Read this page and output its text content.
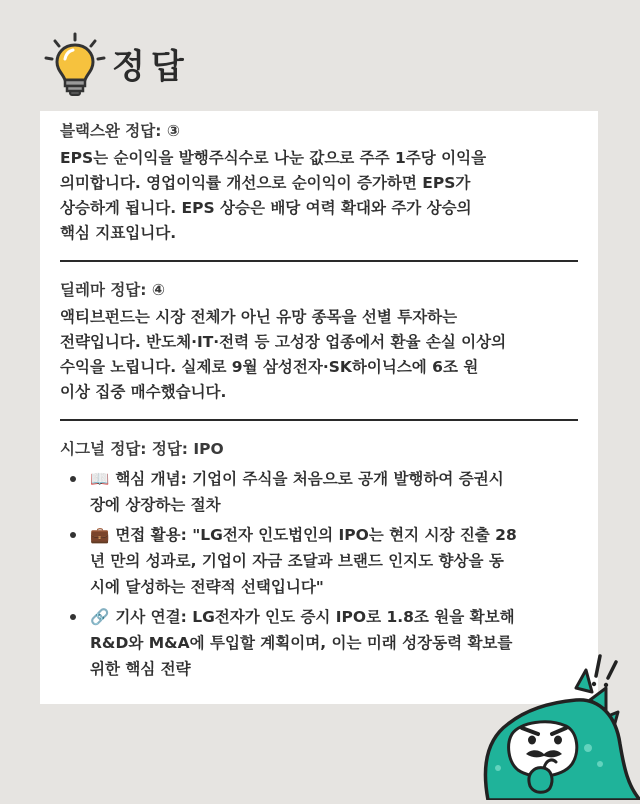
정답
블랙스완 정답: ③
EPS는 순이익을 발행주식수로 나눈 값으로 주주 1주당 이익을
의미합니다. 영업이익률 개선으로 순이익이 증가하면 EPS가
상승하게 됩니다. EPS 상승은 배당 여력 확대와 주가 상승의
핵심 지표입니다.
딜레마 정답: ④
액티브펀드는 시장 전체가 아닌 유망 종목을 선별 투자하는
전략입니다. 반도체·IT·전력 등 고성장 업종에서 환율 손실 이상의
수익을 노립니다. 실제로 9월 삼성전자·SK하이닉스에 6조 원
이상 집중 매수했습니다.
시그널 정답: 정답: IPO
📖 핵심 개념: 기업이 주식을 처음으로 공개 발행하여 증권시
장에 상장하는 절차
💼 면접 활용: "LG전자 인도법인의 IPO는 현지 시장 진출 28
년 만의 성과로, 기업이 자금 조달과 브랜드 인지도 향상을 동
시에 달성하는 전략적 선택입니다"
🔗 기사 연결: LG전자가 인도 증시 IPO로 1.8조 원을 확보해
R&D와 M&A에 투입할 계획이며, 이는 미래 성장동력 확보를
위한 핵심 전략
